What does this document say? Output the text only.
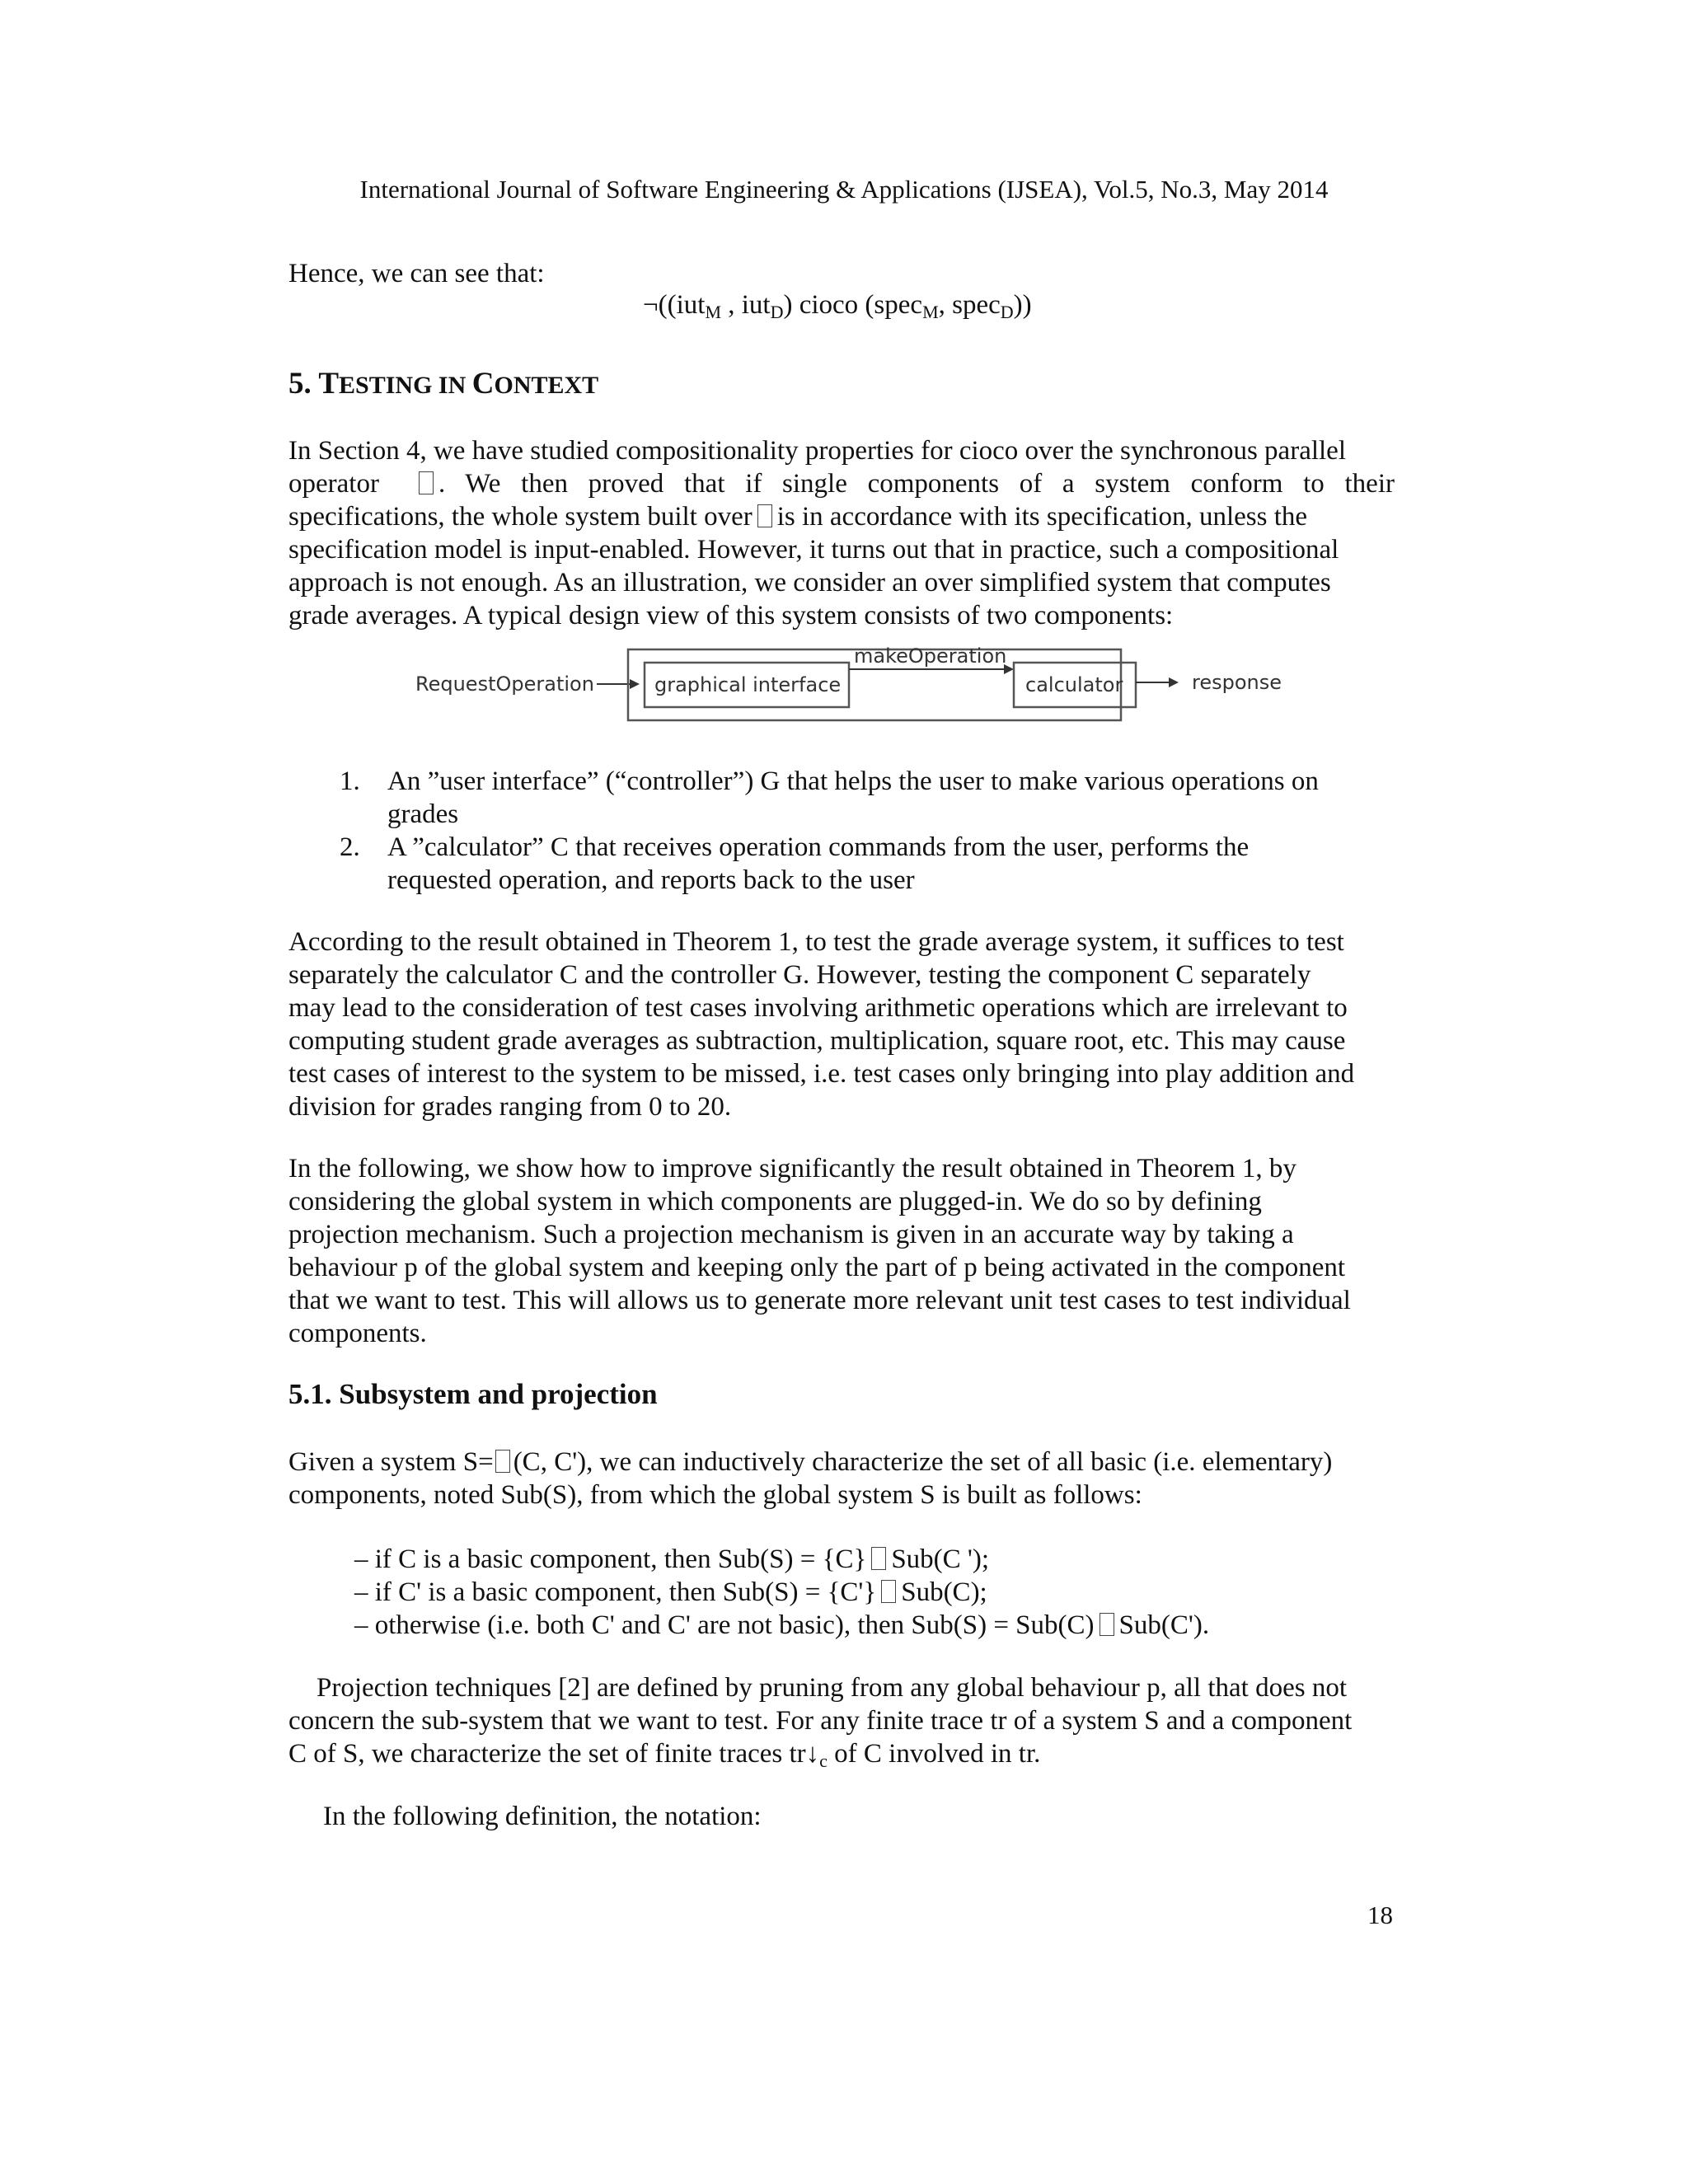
International Journal of Software Engineering & Applications (IJSEA), Vol.5, No.3, May 2014
Hence, we can see that:
¬((iut$_M$ , iut$_D$) cioco (spec$_M$, spec$_D$))
5. TESTING IN CONTEXT
In Section 4, we have studied compositionality properties for cioco over the synchronous parallel
operator	. We then proved that if single components of a system conform to their
specifications, the whole system built over is in accordance with its specification, unless the
specification model is input-enabled. However, it turns out that in practice, such a compositional
approach is not enough. As an illustration, we consider an over simplified system that computes
grade averages. A typical design view of this system consists of two components:
RequestOperation	graphical interface
makeOperation
calculator	response
1. An ”user interface” (“controller”) G that helps the user to make various operations on
grades
2. A ”calculator” C that receives operation commands from the user, performs the
requested operation, and reports back to the user
According to the result obtained in Theorem 1, to test the grade average system, it suffices to test
separately the calculator C and the controller G. However, testing the component C separately
may lead to the consideration of test cases involving arithmetic operations which are irrelevant to
computing student grade averages as subtraction, multiplication, square root, etc. This may cause
test cases of interest to the system to be missed, i.e. test cases only bringing into play addition and
division for grades ranging from 0 to 20.
In the following, we show how to improve significantly the result obtained in Theorem 1, by
considering the global system in which components are plugged-in. We do so by defining
projection mechanism. Such a projection mechanism is given in an accurate way by taking a
behaviour p of the global system and keeping only the part of p being activated in the component
that we want to test. This will allows us to generate more relevant unit test cases to test individual
components.
5.1. Subsystem and projection
Given a system S= (C, C'), we can inductively characterize the set of all basic (i.e. elementary)
components, noted Sub(S), from which the global system S is built as follows:
– if C is a basic component, then Sub(S) = {C} Sub(C ');
– if C' is a basic component, then Sub(S) = {C'} Sub(C);
– otherwise (i.e. both C' and C' are not basic), then Sub(S) = Sub(C) Sub(C').
Projection techniques [2] are defined by pruning from any global behaviour p, all that does not
concern the sub-system that we want to test. For any finite trace tr of a system S and a component
C of S, we characterize the set of finite traces $tr↓_c$ of C involved in tr.
In the following definition, the notation:
18
